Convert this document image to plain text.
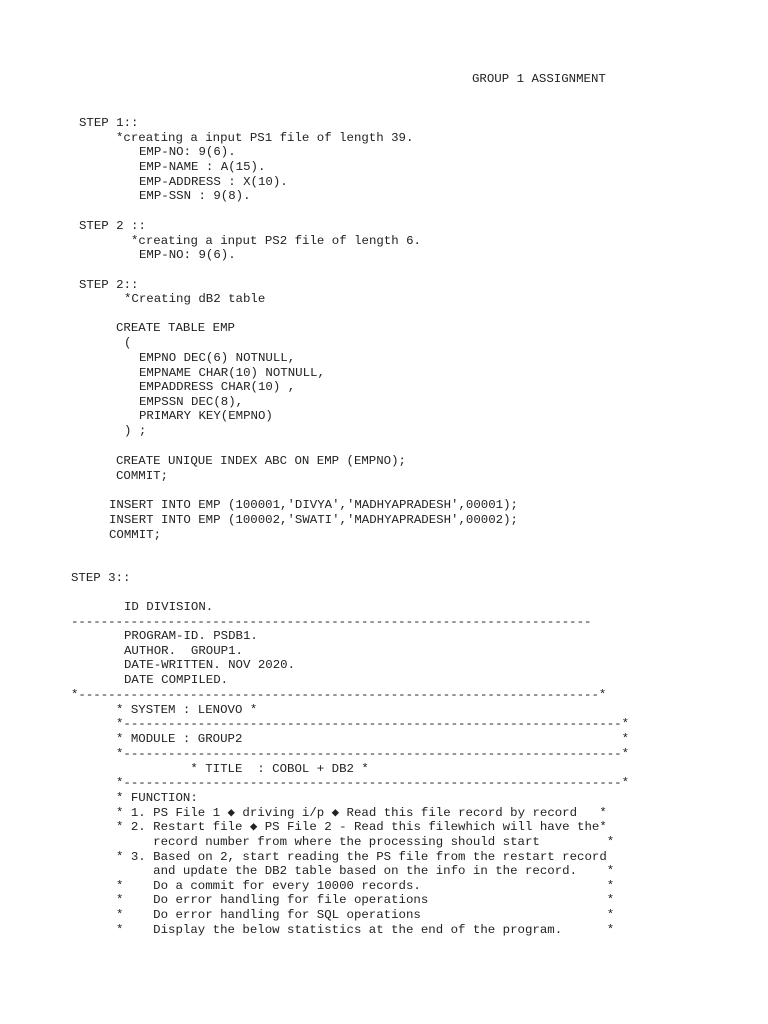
GROUP 1 ASSIGNMENT

STEP 1::

*creating a input PS1 file of length 39.

EMP-NO: 9(6).

EMP-NAME : A(15).

EMP-ADDRESS : X(10).

EMP-SSN : 9(8).

STEP 2 ::

*creating a input PS2 file of length 6.

EMP-NO: 9(6).

STEP 2::

*Creating dB2 table

CREATE TABLE EMP

(

EMPNO DEC(6) NOTNULL,

EMPNAME CHAR(10) NOTNULL,

EMPADDRESS CHAR(10) ,

EMPSSN DEC(8),

PRIMARY KEY(EMPNO)

) ;

CREATE UNIQUE INDEX ABC ON EMP (EMPNO);

COMMIT;

INSERT INTO EMP (100001,'DIVYA','MADHYAPRADESH',00001);

INSERT INTO EMP (100002,'SWATI','MADHYAPRADESH',00002);

COMMIT;

STEP 3::

ID DIVISION.

----------------------------------------------------------------------

PROGRAM-ID. PSDB1.

AUTHOR.  GROUP1.

DATE-WRITTEN. NOV 2020.

DATE COMPILED.

*----------------------------------------------------------------------*

* SYSTEM : LENOVO *

*-------------------------------------------------------------------*

* MODULE : GROUP2                                                   *

*-------------------------------------------------------------------*

* TITLE  : COBOL + DB2 *

*-------------------------------------------------------------------*

* FUNCTION:

* 1. PS File 1 ◆ driving i/p ◆ Read this file record by record   *

* 2. Restart file ◆ PS File 2 - Read this filewhich will have the*

record number from where the processing should start         *

* 3. Based on 2, start reading the PS file from the restart record

and update the DB2 table based on the info in the record.    *

*    Do a commit for every 10000 records.                         *

*    Do error handling for file operations                        *

*    Do error handling for SQL operations                         *

*    Display the below statistics at the end of the program.      *
